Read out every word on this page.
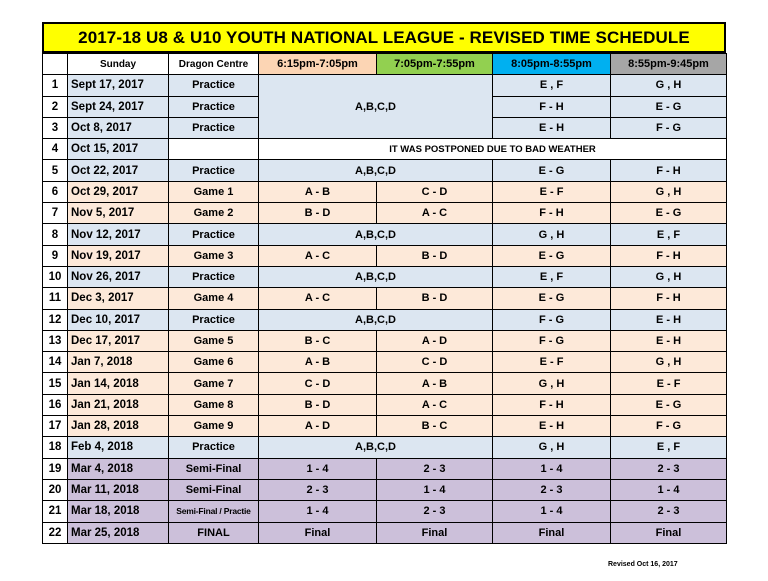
2017-18 U8 & U10 YOUTH NATIONAL LEAGUE - REVISED TIME SCHEDULE
	Sunday	Dragon Centre	6:15pm-7:05pm	7:05pm-7:55pm	8:05pm-8:55pm	8:55pm-9:45pm
1	Sept 17, 2017	Practice	A,B,C,D		E , F	G , H
2	Sept 24, 2017	Practice			F - H	E - G
3	Oct 8, 2017	Practice			E - H	F - G
4	Oct 15, 2017		IT WAS POSTPONED DUE TO BAD WEATHER			
5	Oct 22, 2017	Practice	A,B,C,D		E - G	F - H
6	Oct 29, 2017	Game 1	A - B	C - D	E - F	G , H
7	Nov 5, 2017	Game 2	B - D	A - C	F - H	E - G
8	Nov 12, 2017	Practice	A,B,C,D		G , H	E , F
9	Nov 19, 2017	Game 3	A - C	B - D	E - G	F - H
10	Nov 26, 2017	Practice	A,B,C,D		E , F	G , H
11	Dec 3, 2017	Game 4	A - C	B - D	E - G	F - H
12	Dec 10, 2017	Practice	A,B,C,D		F - G	E - H
13	Dec 17, 2017	Game 5	B - C	A - D	F - G	E - H
14	Jan 7, 2018	Game 6	A - B	C - D	E - F	G , H
15	Jan 14, 2018	Game 7	C - D	A - B	G , H	E - F
16	Jan 21, 2018	Game 8	B - D	A - C	F - H	E - G
17	Jan 28, 2018	Game 9	A - D	B - C	E - H	F - G
18	Feb 4, 2018	Practice	A,B,C,D		G , H	E , F
19	Mar 4, 2018	Semi-Final	1 - 4	2 - 3	1 - 4	2 - 3
20	Mar 11, 2018	Semi-Final	2 - 3	1 - 4	2 - 3	1 - 4
21	Mar 18, 2018	Semi-Final / Practie	1 - 4	2 - 3	1 - 4	2 - 3
22	Mar 25, 2018	FINAL	Final	Final	Final	Final
Revised Oct 16, 2017
